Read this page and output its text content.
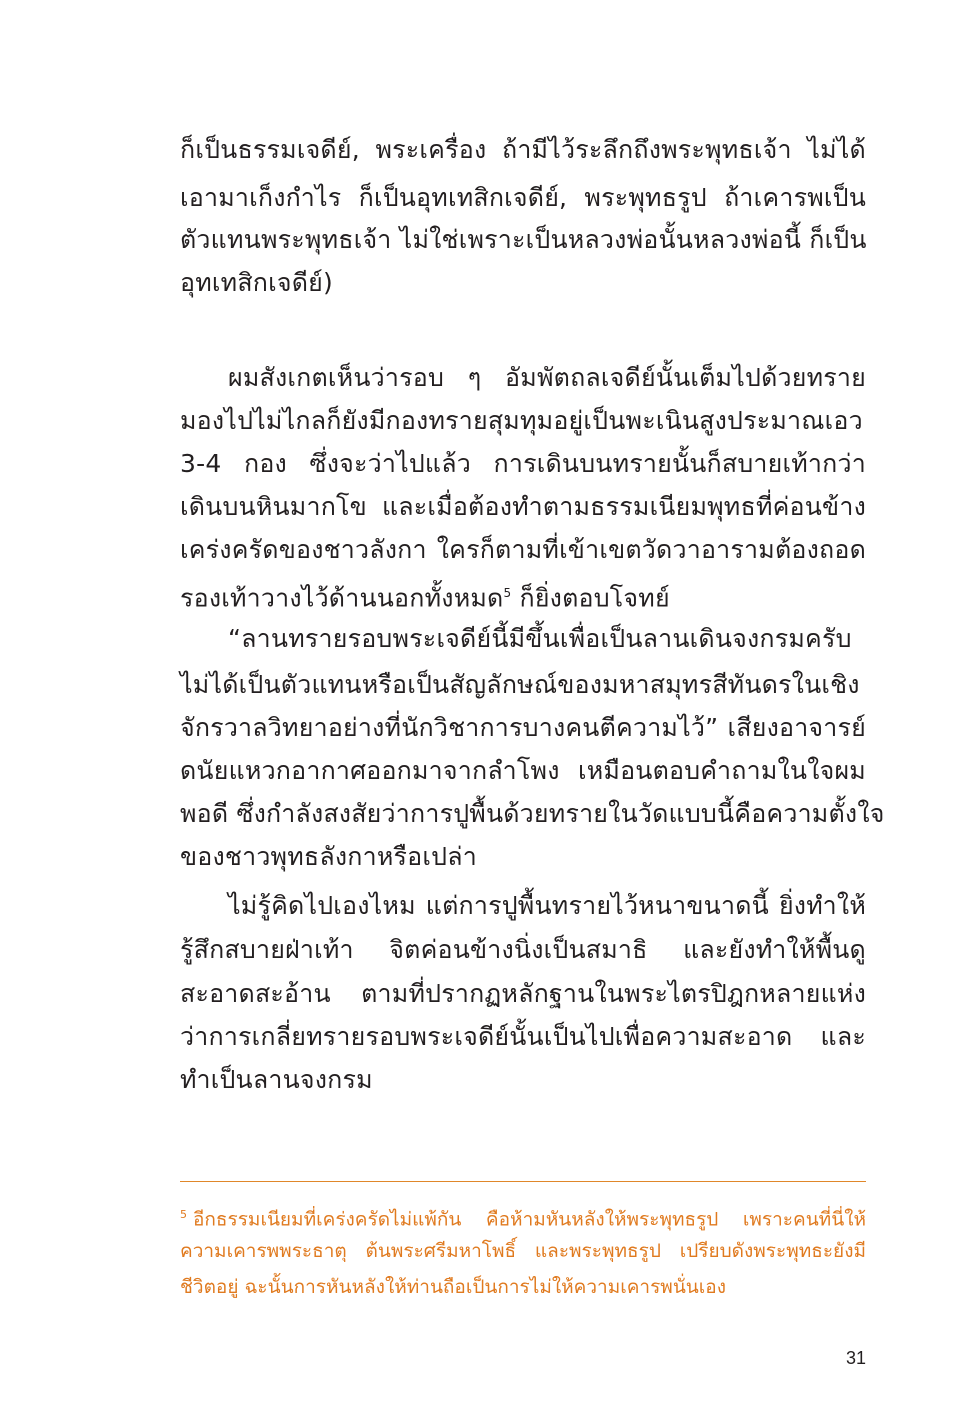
ก็เป็นธรรมเจดีย์, พระเครื่อง ถ้ามีไว้ระลึกถึงพระพุทธเจ้า ไม่ได้
เอามาเก็งกำไร ก็เป็นอุทเทสิกเจดีย์, พระพุทธรูป ถ้าเคารพเป็น
ตัวแทนพระพุทธเจ้า ไม่ใช่เพราะเป็นหลวงพ่อนั้นหลวงพ่อนี้ ก็เป็น
อุทเทสิกเจดีย์)
ผมสังเกตเห็นว่ารอบ ๆ อัมพัตถลเจดีย์นั้นเต็มไปด้วยทราย
มองไปไม่ไกลก็ยังมีกองทรายสุมทุมอยู่เป็นพะเนินสูงประมาณเอว
3-4 กอง ซึ่งจะว่าไปแล้ว การเดินบนทรายนั้นก็สบายเท้ากว่า
เดินบนหินมากโข และเมื่อต้องทำตามธรรมเนียมพุทธที่ค่อนข้าง
เคร่งครัดของชาวลังกา ใครก็ตามที่เข้าเขตวัดวาอารามต้องถอด
รองเท้าวางไว้ด้านนอกทั้งหมด$^5$ ก็ยิ่งตอบโจทย์
“ลานทรายรอบพระเจดีย์นี้มีขึ้นเพื่อเป็นลานเดินจงกรมครับ
ไม่ได้เป็นตัวแทนหรือเป็นสัญลักษณ์ของมหาสมุทรสีทันดรในเชิง
จักรวาลวิทยาอย่างที่นักวิชาการบางคนตีความไว้” เสียงอาจารย์
ดนัยแหวกอากาศออกมาจากลำโพง เหมือนตอบคำถามในใจผม
พอดี ซึ่งกำลังสงสัยว่าการปูพื้นด้วยทรายในวัดแบบนี้คือความตั้งใจ
ของชาวพุทธลังกาหรือเปล่า
ไม่รู้คิดไปเองไหม แต่การปูพื้นทรายไว้หนาขนาดนี้ ยิ่งทำให้
รู้สึกสบายฝ่าเท้า จิตค่อนข้างนิ่งเป็นสมาธิ และยังทำให้พื้นดู
สะอาดสะอ้าน ตามที่ปรากฏหลักฐานในพระไตรปิฎกหลายแห่ง
ว่าการเกลี่ยทรายรอบพระเจดีย์นั้นเป็นไปเพื่อความสะอาด และ
ทำเป็นลานจงกรม
$^5$ อีกธรรมเนียมที่เคร่งครัดไม่แพ้กัน คือห้ามหันหลังให้พระพุทธรูป เพราะคนที่นี่ให้
ความเคารพพระธาตุ ต้นพระศรีมหาโพธิ์ และพระพุทธรูป เปรียบดังพระพุทธะยังมี
ชีวิตอยู่ ฉะนั้นการหันหลังให้ท่านถือเป็นการไม่ให้ความเคารพนั่นเอง
31
